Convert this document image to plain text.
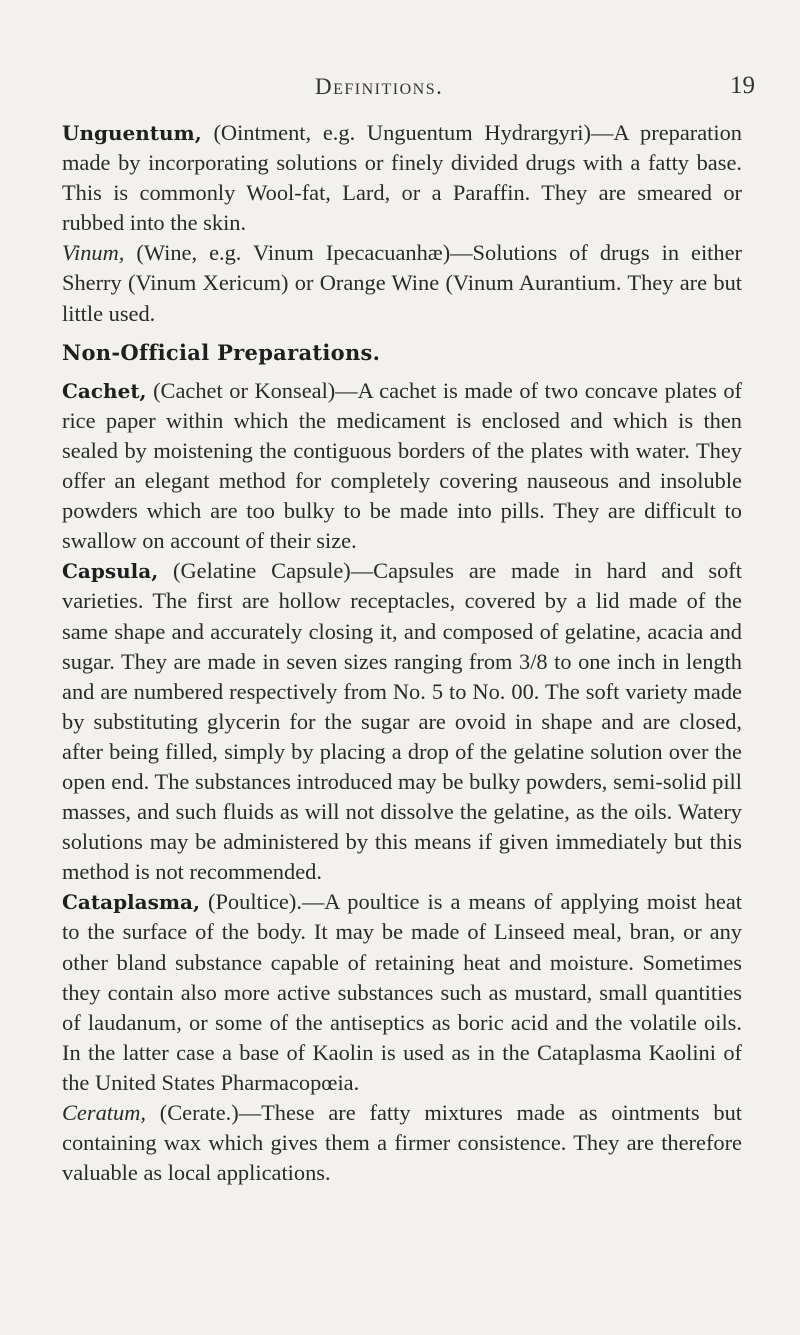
Definitions.	19

Unguentum, (Ointment, e.g. Unguentum Hydrargyri)—A preparation made by incorporating solutions or finely divided drugs with a fatty base. This is commonly Wool-fat, Lard, or a Paraffin. They are smeared or rubbed into the skin.

Vinum, (Wine, e.g. Vinum Ipecacuanhæ)—Solutions of drugs in either Sherry (Vinum Xericum) or Orange Wine (Vinum Aurantium. They are but little used.

Non-Official Preparations.

Cachet, (Cachet or Konseal)—A cachet is made of two concave plates of rice paper within which the medicament is enclosed and which is then sealed by moistening the contiguous borders of the plates with water. They offer an elegant method for completely covering nauseous and insoluble powders which are too bulky to be made into pills. They are difficult to swallow on account of their size.

Capsula, (Gelatine Capsule)—Capsules are made in hard and soft varieties. The first are hollow receptacles, covered by a lid made of the same shape and accurately closing it, and composed of gelatine, acacia and sugar. They are made in seven sizes ranging from 3/8 to one inch in length and are numbered respectively from No. 5 to No. 00. The soft variety made by substituting glycerin for the sugar are ovoid in shape and are closed, after being filled, simply by placing a drop of the gelatine solution over the open end. The substances introduced may be bulky powders, semi-solid pill masses, and such fluids as will not dissolve the gelatine, as the oils. Watery solutions may be administered by this means if given immediately but this method is not recommended.

Cataplasma, (Poultice).—A poultice is a means of applying moist heat to the surface of the body. It may be made of Linseed meal, bran, or any other bland substance capable of retaining heat and moisture. Sometimes they contain also more active substances such as mustard, small quantities of laudanum, or some of the antiseptics as boric acid and the volatile oils. In the latter case a base of Kaolin is used as in the Cataplasma Kaolini of the United States Pharmacopœia.

Ceratum, (Cerate.)—These are fatty mixtures made as ointments but containing wax which gives them a firmer consistence. They are therefore valuable as local applications.
